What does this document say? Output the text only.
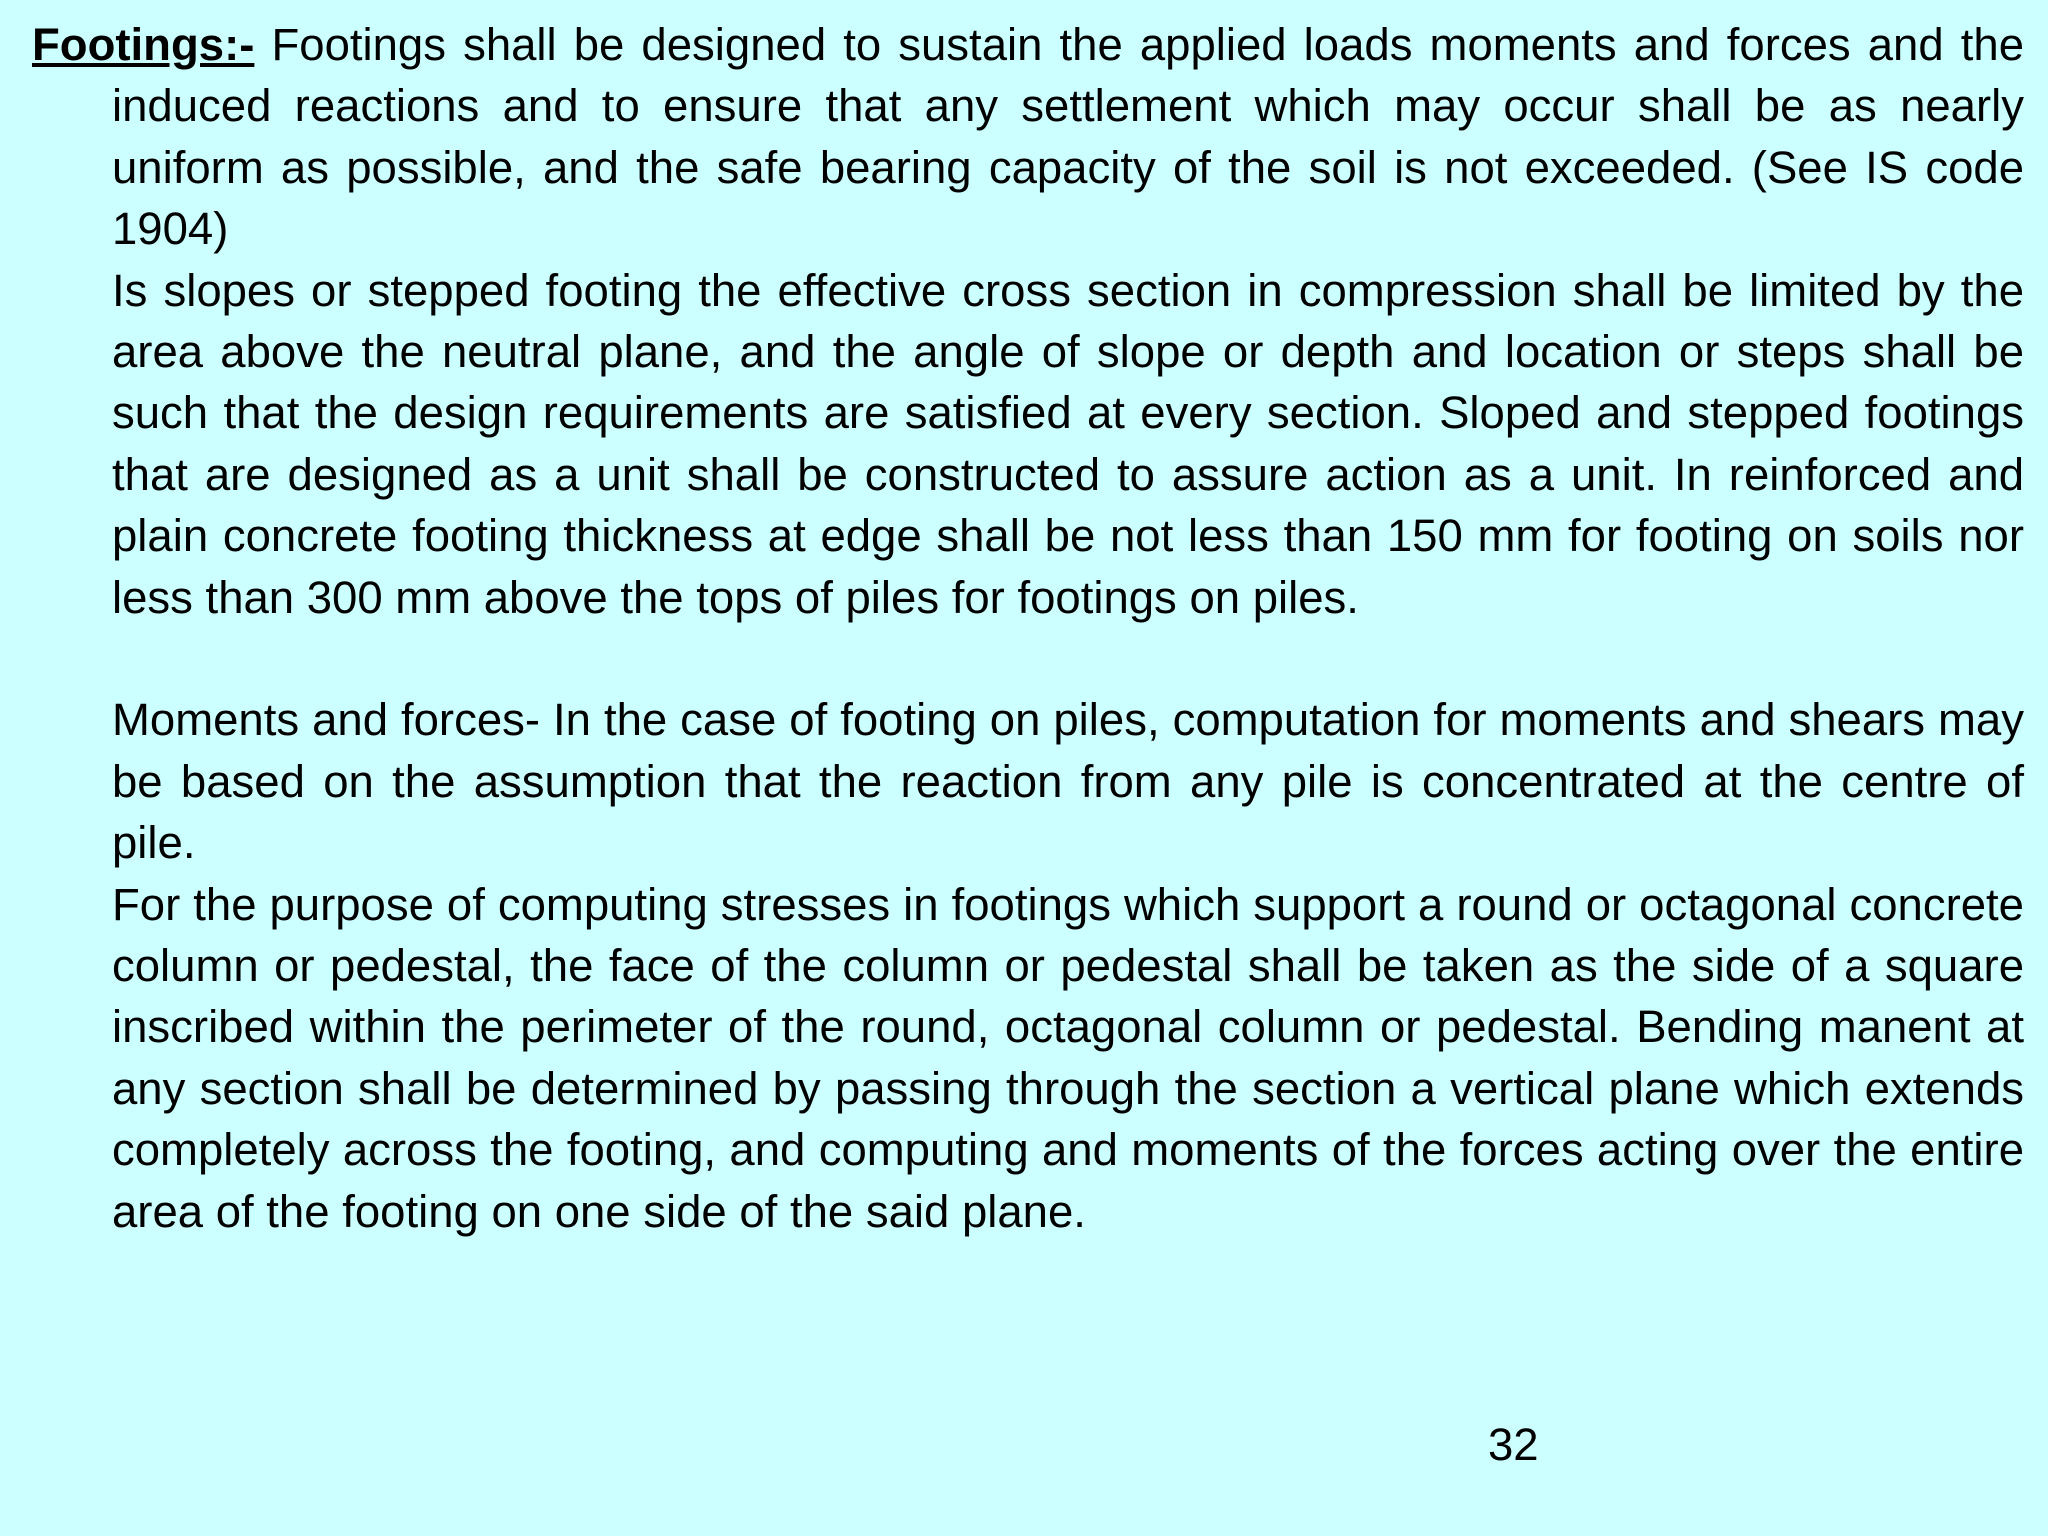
Footings:- Footings shall be designed to sustain the applied loads moments and forces and the induced reactions and to ensure that any settlement which may occur shall be as nearly uniform as possible, and the safe bearing capacity of the soil is not exceeded. (See IS code 1904)

Is slopes or stepped footing the effective cross section in compression shall be limited by the area above the neutral plane, and the angle of slope or depth and location or steps shall be such that the design requirements are satisfied at every section. Sloped and stepped footings that are designed as a unit shall be constructed to assure action as a unit. In reinforced and plain concrete footing thickness at edge shall be not less than 150 mm for footing on soils nor less than 300 mm above the tops of piles for footings on piles.

Moments and forces- In the case of footing on piles, computation for moments and shears may be based on the assumption that the reaction from any pile is concentrated at the centre of pile.

For the purpose of computing stresses in footings which support a round or octagonal concrete column or pedestal, the face of the column or pedestal shall be taken as the side of a square inscribed within the perimeter of the round, octagonal column or pedestal. Bending manent at any section shall be determined by passing through the section a vertical plane which extends completely across the footing, and computing and moments of the forces acting over the entire area of the footing on one side of the said plane.

32
